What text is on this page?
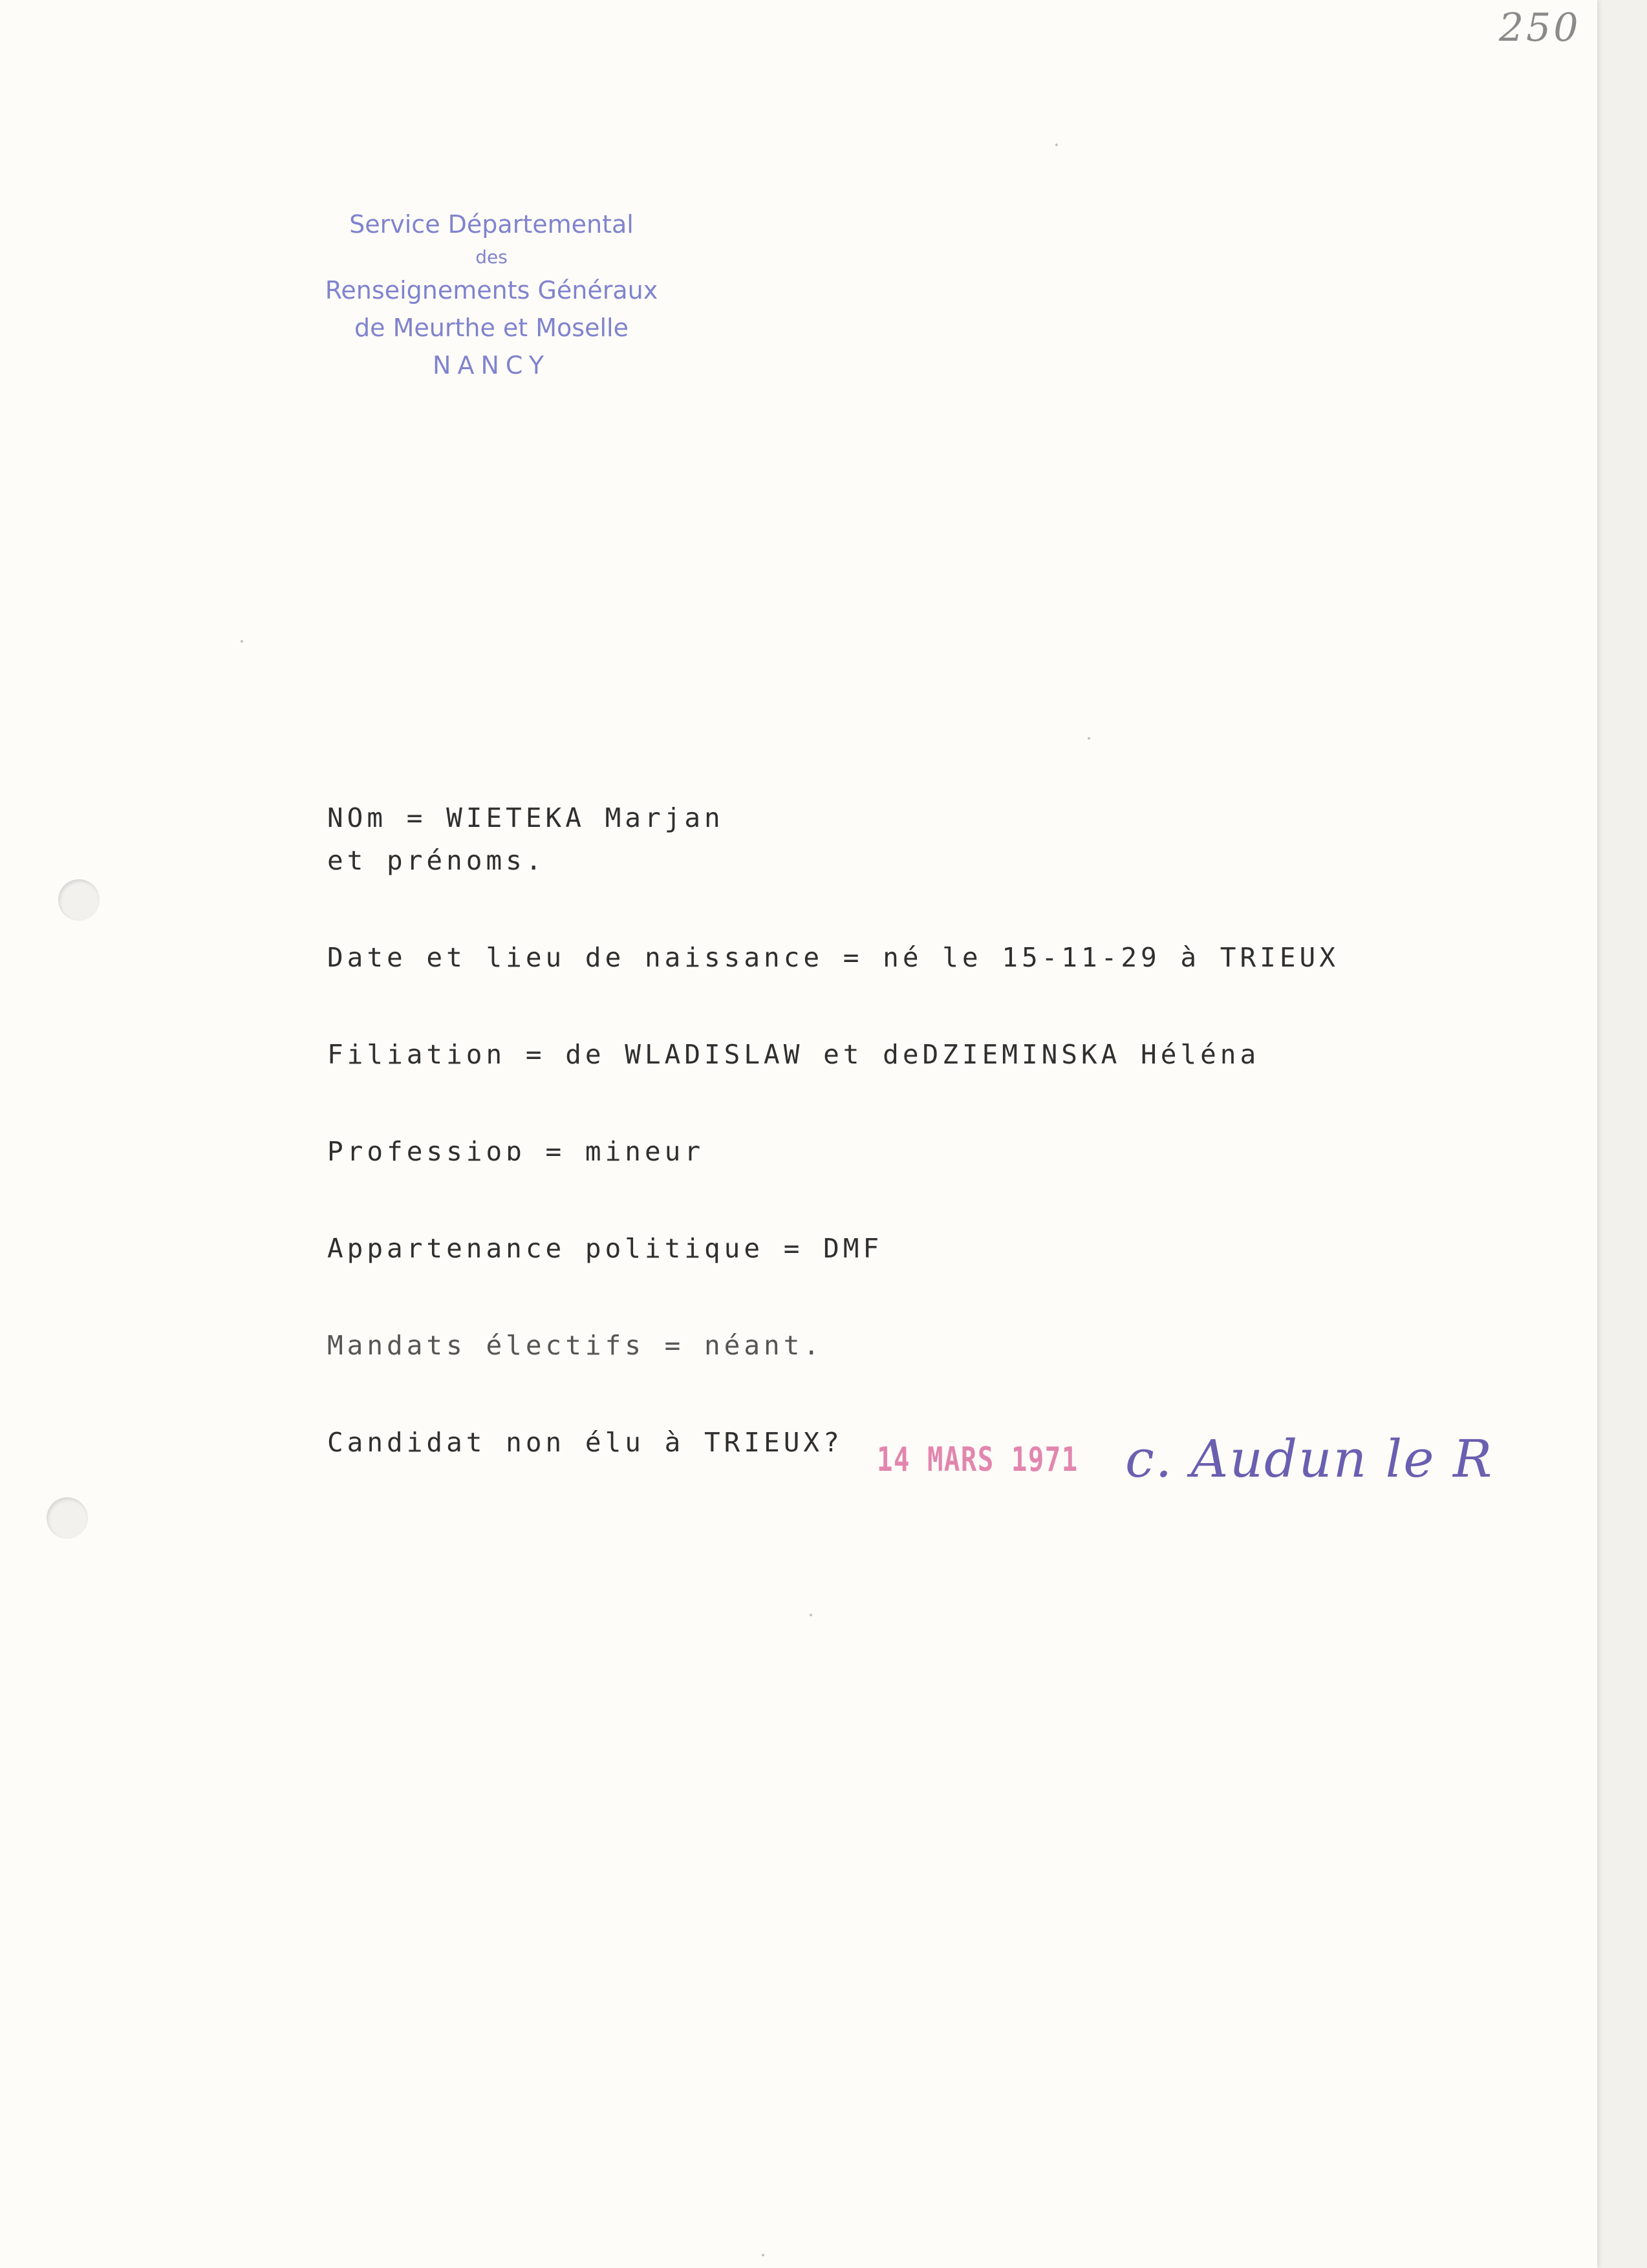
250
Service Départemental
des
Renseignements Généraux
de Meurthe et Moselle
NANCY
NOm = WIETEKA Marjan
et prénoms.
Date et lieu de naissance = né le 15-11-29 à TRIEUX
Filiation = de WLADISLAW et deDZIEMINSKA Héléna
Professioɒ = mineur
Appartenance politique = DMF
Mandats électifs = néant.
Candidat non élu à TRIEUX?	14 MARS 1971 c. Audun le R
